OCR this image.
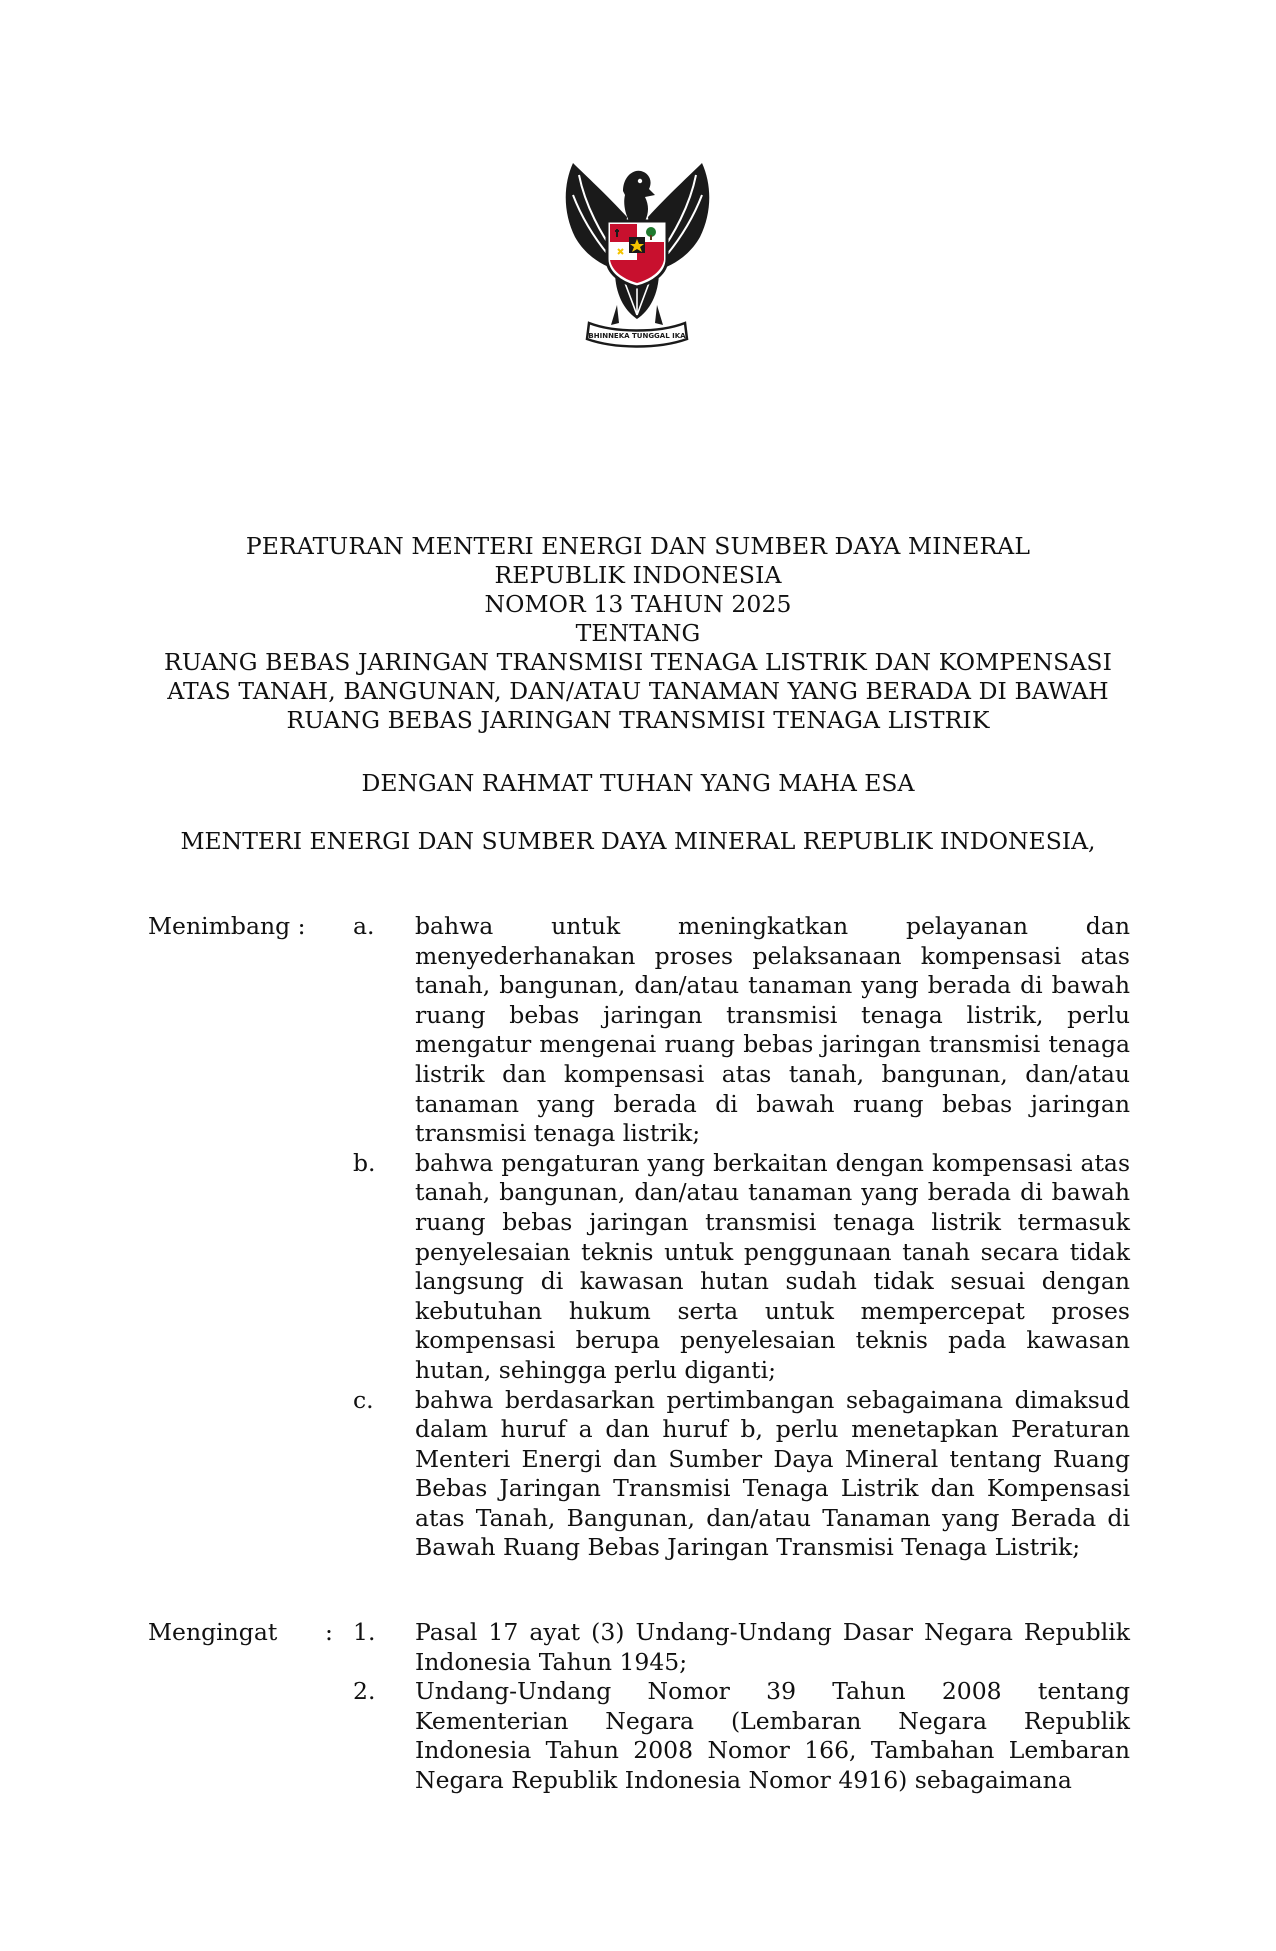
BHINNEKA TUNGGAL IKA
PERATURAN MENTERI ENERGI DAN SUMBER DAYA MINERAL
REPUBLIK INDONESIA
NOMOR 13 TAHUN 2025
TENTANG
RUANG BEBAS JARINGAN TRANSMISI TENAGA LISTRIK DAN KOMPENSASI
ATAS TANAH, BANGUNAN, DAN/ATAU TANAMAN YANG BERADA DI BAWAH
RUANG BEBAS JARINGAN TRANSMISI TENAGA LISTRIK
DENGAN RAHMAT TUHAN YANG MAHA ESA
MENTERI ENERGI DAN SUMBER DAYA MINERAL REPUBLIK INDONESIA,
Menimbang : a. bahwa untuk meningkatkan pelayanan dan menyederhanakan proses pelaksanaan kompensasi atas tanah, bangunan, dan/atau tanaman yang berada di bawah ruang bebas jaringan transmisi tenaga listrik, perlu mengatur mengenai ruang bebas jaringan transmisi tenaga listrik dan kompensasi atas tanah, bangunan, dan/atau tanaman yang berada di bawah ruang bebas jaringan transmisi tenaga listrik;
b. bahwa pengaturan yang berkaitan dengan kompensasi atas tanah, bangunan, dan/atau tanaman yang berada di bawah ruang bebas jaringan transmisi tenaga listrik termasuk penyelesaian teknis untuk penggunaan tanah secara tidak langsung di kawasan hutan sudah tidak sesuai dengan kebutuhan hukum serta untuk mempercepat proses kompensasi berupa penyelesaian teknis pada kawasan hutan, sehingga perlu diganti;
c. bahwa berdasarkan pertimbangan sebagaimana dimaksud dalam huruf a dan huruf b, perlu menetapkan Peraturan Menteri Energi dan Sumber Daya Mineral tentang Ruang Bebas Jaringan Transmisi Tenaga Listrik dan Kompensasi atas Tanah, Bangunan, dan/atau Tanaman yang Berada di Bawah Ruang Bebas Jaringan Transmisi Tenaga Listrik;
Mengingat : 1. Pasal 17 ayat (3) Undang-Undang Dasar Negara Republik Indonesia Tahun 1945;
2. Undang-Undang Nomor 39 Tahun 2008 tentang Kementerian Negara (Lembaran Negara Republik Indonesia Tahun 2008 Nomor 166, Tambahan Lembaran Negara Republik Indonesia Nomor 4916) sebagaimana
